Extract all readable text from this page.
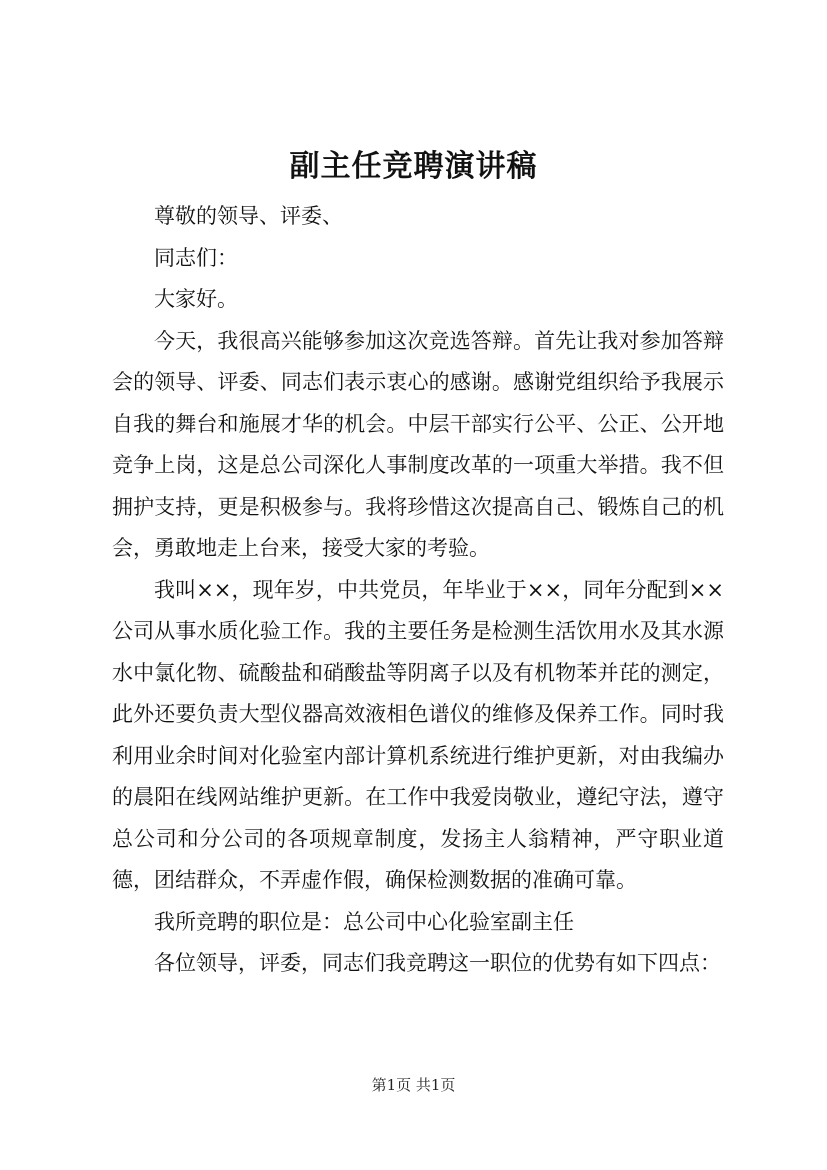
副主任竞聘演讲稿

尊敬的领导、评委、

同志们：

大家好。

今天，我很高兴能够参加这次竞选答辩。首先让我对参加答辩会的领导、评委、同志们表示衷心的感谢。感谢党组织给予我展示自我的舞台和施展才华的机会。中层干部实行公平、公正、公开地竞争上岗，这是总公司深化人事制度改革的一项重大举措。我不但拥护支持，更是积极参与。我将珍惜这次提高自己、锻炼自己的机会，勇敢地走上台来，接受大家的考验。

我叫××，现年岁，中共党员，年毕业于××，同年分配到××公司从事水质化验工作。我的主要任务是检测生活饮用水及其水源水中氯化物、硫酸盐和硝酸盐等阴离子以及有机物苯并芘的测定，此外还要负责大型仪器高效液相色谱仪的维修及保养工作。同时我利用业余时间对化验室内部计算机系统进行维护更新，对由我编办的晨阳在线网站维护更新。在工作中我爱岗敬业，遵纪守法，遵守总公司和分公司的各项规章制度，发扬主人翁精神，严守职业道德，团结群众，不弄虚作假，确保检测数据的准确可靠。

我所竞聘的职位是：总公司中心化验室副主任

各位领导，评委，同志们我竞聘这一职位的优势有如下四点：

第1页 共1页
